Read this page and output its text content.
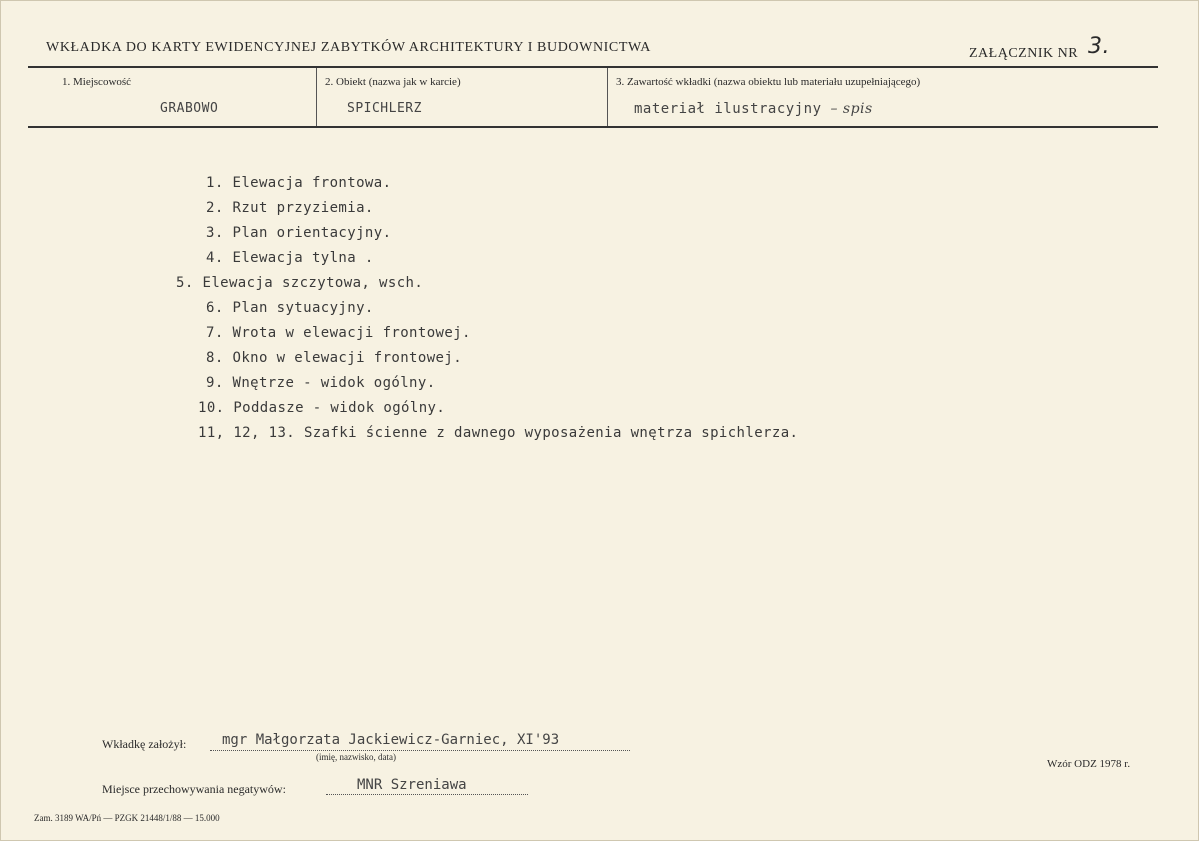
WKŁADKA DO KARTY EWIDENCYJNEJ ZABYTKÓW ARCHITEKTURY I BUDOWNICTWA	ZAŁĄCZNIK NR 3.
1. Miejscowość
GRABOWO
2. Obiekt (nazwa jak w karcie)
SPICHLERZ
3. Zawartość wkładki (nazwa obiektu lub materiału uzupełniającego)
materiał ilustracyjny – spis
1. Elewacja frontowa.
2. Rzut przyziemia.
3. Plan orientacyjny.
4. Elewacja tylna .
5. Elewacja szczytowa, wsch.
6. Plan sytuacyjny.
7. Wrota w elewacji frontowej.
8. Okno w elewacji frontowej.
9. Wnętrze - widok ogólny.
10. Poddasze - widok ogólny.
11, 12, 13. Szafki ścienne z dawnego wyposażenia wnętrza spichlerza.
Wkładkę założył:	mgr Małgorzata Jackiewicz-Garniec, XI'93
(imię, nazwisko, data)
Miejsce przechowywania negatywów:	MNR Szreniawa
Wzór ODZ 1978 r.
Zam. 3189 WA/Pń — PZGK 21448/1/88 — 15.000
